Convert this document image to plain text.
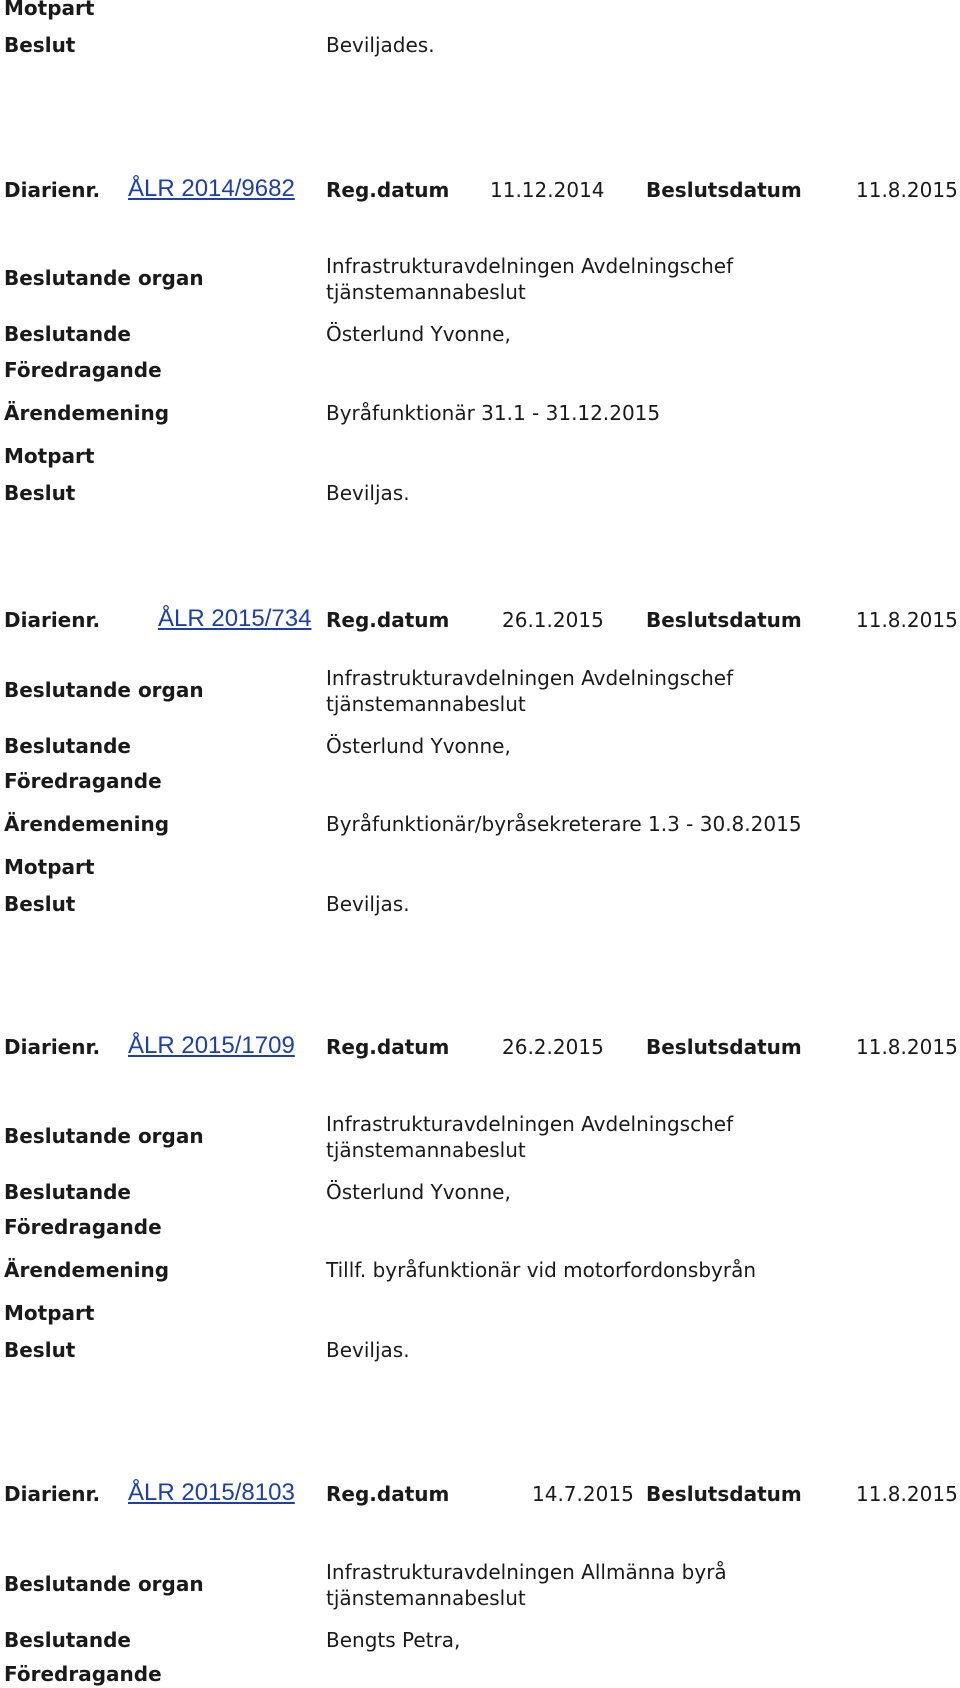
Motpart
Beslut	Beviljades.
Diarienr. ÅLR 2014/9682 Reg.datum 11.12.2014 Beslutsdatum	11.8.2015
Beslutande organ	Infrastrukturavdelningen Avdelningschef
tjänstemannabeslut
Beslutande	Österlund Yvonne,
Föredragande
Ärendemening	Byråfunktionär 31.1 - 31.12.2015
Motpart
Beslut	Beviljas.
Diarienr. ÅLR 2015/734 Reg.datum	26.1.2015 Beslutsdatum	11.8.2015
Beslutande organ	Infrastrukturavdelningen Avdelningschef
tjänstemannabeslut
Beslutande	Österlund Yvonne,
Föredragande
Ärendemening	Byråfunktionär/byråsekreterare 1.3 - 30.8.2015
Motpart
Beslut	Beviljas.
Diarienr. ÅLR 2015/1709 Reg.datum	26.2.2015 Beslutsdatum	11.8.2015
Beslutande organ	Infrastrukturavdelningen Avdelningschef
tjänstemannabeslut
Beslutande	Österlund Yvonne,
Föredragande
Ärendemening	Tillf. byråfunktionär vid motorfordonsbyrån
Motpart
Beslut	Beviljas.
Diarienr. ÅLR 2015/8103 Reg.datum	14.7.2015 Beslutsdatum	11.8.2015
Beslutande organ	Infrastrukturavdelningen Allmänna byrå
tjänstemannabeslut
Beslutande	Bengts Petra,
Föredragande
